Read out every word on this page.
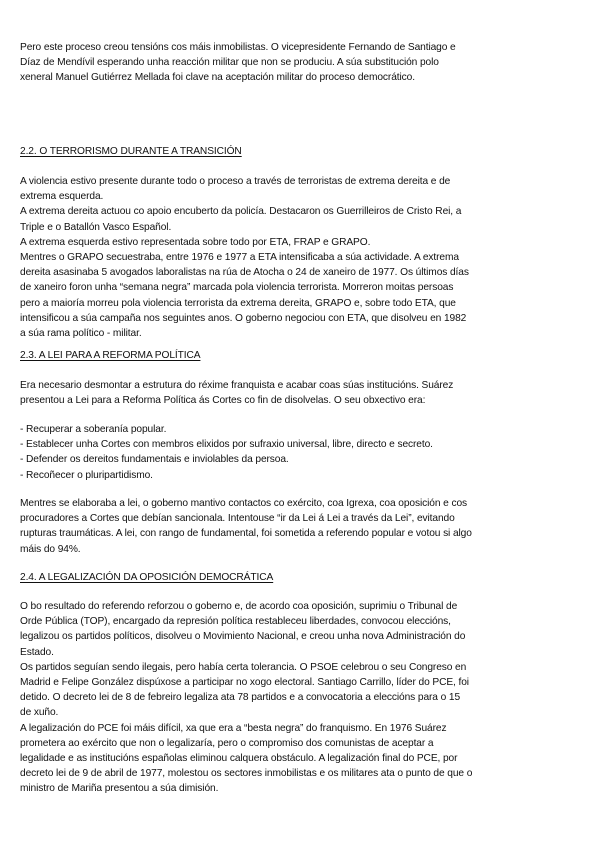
Pero este proceso creou tensións cos máis inmobilistas. O vicepresidente Fernando de Santiago e
Díaz de Mendívil esperando unha reacción militar que non se produciu. A súa substitución polo
xeneral Manuel Gutiérrez Mellada foi clave na aceptación militar do proceso democrático.

2.2. O TERRORISMO DURANTE A TRANSICIÓN

A violencia estivo presente durante todo o proceso a través de terroristas de extrema dereita e de
extrema esquerda.
A extrema dereita actuou co apoio encuberto da policía. Destacaron os Guerrilleiros de Cristo Rei, a
Triple e o Batallón Vasco Español.
A extrema esquerda estivo representada sobre todo por ETA, FRAP e GRAPO.
Mentres o GRAPO secuestraba, entre 1976 e 1977 a ETA intensificaba a súa actividade. A extrema
dereita asasinaba 5 avogados laboralistas na rúa de Atocha o 24 de xaneiro de 1977. Os últimos días
de xaneiro foron unha “semana negra” marcada pola violencia terrorista. Morreron moitas persoas
pero a maioría morreu pola violencia terrorista da extrema dereita, GRAPO e, sobre todo ETA, que
intensificou a súa campaña nos seguintes anos. O goberno negociou con ETA, que disolveu en 1982
a súa rama político - militar.

2.3. A LEI PARA A REFORMA POLÍTICA

Era necesario desmontar a estrutura do réxime franquista e acabar coas súas institucións. Suárez
presentou a Lei para a Reforma Política ás Cortes co fin de disolvelas. O seu obxectivo era:

- Recuperar a soberanía popular.
- Establecer unha Cortes con membros elixidos por sufraxio universal, libre, directo e secreto.
- Defender os dereitos fundamentais e inviolables da persoa.
- Recoñecer o pluripartidismo.

Mentres se elaboraba a lei, o goberno mantivo contactos co exército, coa Igrexa, coa oposición e cos
procuradores a Cortes que debían sancionala. Intentouse “ir da Lei á Lei a través da Lei”, evitando
rupturas traumáticas. A lei, con rango de fundamental, foi sometida a referendo popular e votou si algo
máis do 94%.

2.4. A LEGALIZACIÓN DA OPOSICIÓN DEMOCRÁTICA

O bo resultado do referendo reforzou o goberno e, de acordo coa oposición, suprimiu o Tribunal de
Orde Pública (TOP), encargado da represión política restableceu liberdades, convocou eleccións,
legalizou os partidos políticos, disolveu o Movimiento Nacional, e creou unha nova Administración do
Estado.
Os partidos seguían sendo ilegais, pero había certa tolerancia. O PSOE celebrou o seu Congreso en
Madrid e Felipe González dispúxose a participar no xogo electoral. Santiago Carrillo, líder do PCE, foi
detido. O decreto lei de 8 de febreiro legaliza ata 78 partidos e a convocatoria a eleccións para o 15
de xuño.
A legalización do PCE foi máis difícil, xa que era a “besta negra” do franquismo. En 1976 Suárez
prometera ao exército que non o legalizaría, pero o compromiso dos comunistas de aceptar a
legalidade e as institucións españolas eliminou calquera obstáculo. A legalización final do PCE, por
decreto lei de 9 de abril de 1977, molestou os sectores inmobilistas e os militares ata o punto de que o
ministro de Mariña presentou a súa dimisión.
